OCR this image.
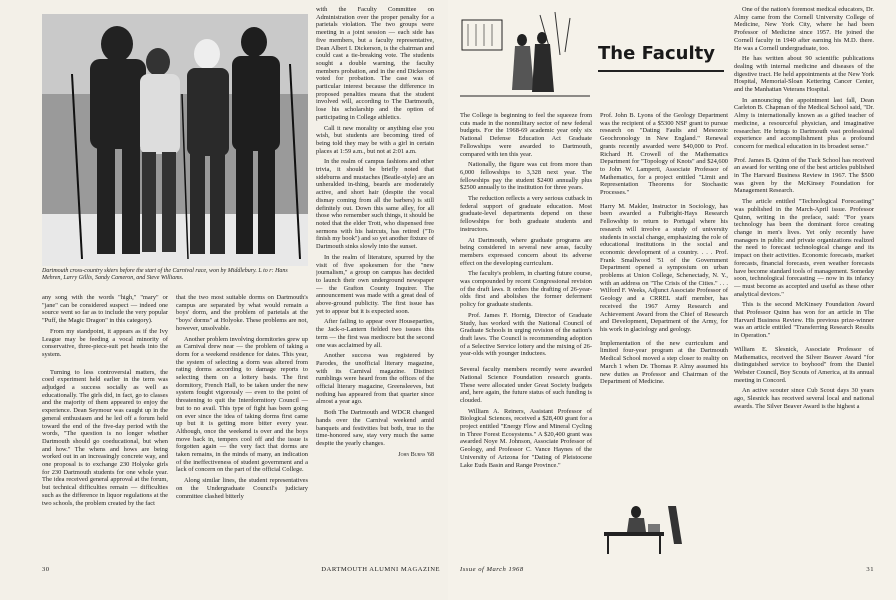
Dartmouth cross-country skiers before the start of the Carnival race, won by Middlebury. L to r: Hans Mehren, Larry Gillis, Sandy Cameron, and Steve Williams.

any song with the words "high," "mary" or "jane" can be considered suspect — indeed one source went so far as to include the very popular "Puff, the Magic Dragon" in this category).

From my standpoint, it appears as if the Ivy League may be feeding a vocal minority of conservative, three-piece-suit pet heads into the system.

Turning to less controversial matters, the coed experiment held earlier in the term was adjudged a success socially as well as educationally. The girls did, in fact, go to classes and the majority of them appeared to enjoy the experience. Dean Seymour was caught up in the general enthusiasm and he led off a forum held toward the end of the five-day period with the words, "The question is no longer whether Dartmouth should go coeducational, but when and how." The whens and hows are being worked out in an increasingly concrete way, and one proposal is to exchange 230 Holyoke girls for 230 Dartmouth students for one whole year. The idea received general approval at the forum, but technical difficulties remain — difficulties such as the difference in liquor regulations at the two schools, the problem created by the fact

that the two most suitable dorms on Dartmouth's campus are separated by what would remain a boys' dorm, and the problem of parietals at the "boys' dorms" at Holyoke. These problems are not, however, unsolvable.

Another problem involving dormitories grew up as Carnival drew near — the problem of taking a dorm for a weekend residence for dates. This year, the system of selecting a dorm was altered from rating dorms according to damage reports to selecting them on a lottery basis. The first dormitory, French Hall, to be taken under the new system fought vigorously — even to the point of threatening to quit the Interdormitory Council — but to no avail. This type of fight has been going on ever since the idea of taking dorms first came up but it is getting more bitter every year. Although, once the weekend is over and the boys move back in, tempers cool off and the issue is forgotten again — the very fact that dorms are taken remains, in the minds of many, an indication of the ineffectiveness of student government and a lack of concern on the part of the official College.

Along similar lines, the student representatives on the Undergraduate Council's judiciary committee clashed bitterly

with the Faculty Committee on Administration over the proper penalty for a parietals violation. The two groups were meeting in a joint session — each side has five members, but a faculty representative, Dean Albert I. Dickerson, is the chairman and could cast a tie-breaking vote. The students sought a double warning, the faculty members probation, and in the end Dickerson voted for probation. The case was of particular interest because the difference in proposed penalties means that the student involved will, according to The Dartmouth, lose his scholarship and the option of participating in College athletics.

Call it new morality or anything else you wish, but students are becoming tired of being told they may be with a girl in certain places at 1:59 a.m., but not at 2:01 a.m.

In the realm of campus fashions and other trivia, it should be briefly noted that sideburns and mustaches (Beatle-style) are an unheralded in-thing, beards are moderately active, and short hair (despite the vocal dismay coming from all the barbers) is still definitely out. Down this same alley, for all those who remember such things, it should be noted that the elder Trott, who dispensed free sermons with his haircuts, has retired ("To finish my book") and so yet another fixture of Dartmouth sinks slowly into the sunset.

In the realm of literature, spurred by the visit of five spokesmen for the "new journalism," a group on campus has decided to launch their own underground newspaper — the Grafton County Inquirer. The announcement was made with a great deal of above-ground publicity. The first issue has yet to appear but it is expected soon.

After failing to appear over Houseparties, the Jack-o-Lantern fielded two issues this term — the first was mediocre but the second one was acclaimed by all.

Another success was registered by Parodes, the unofficial literary magazine, with its Carnival magazine. Distinct rumblings were heard from the offices of the official literary magazine, Greensleeves, but nothing has appeared from that quarter since almost a year ago.

Both The Dartmouth and WDCR changed hands over the Carnival weekend amid banquets and festivities but both, true to the time-honored saw, stay very much the same despite the yearly changes.

John Burns '68
30	DARTMOUTH ALUMNI MAGAZINE
The Faculty

The College is beginning to feel the squeeze from cuts made in the nonmilitary sector of new federal budgets. For the 1968-69 academic year only six National Defense Education Act Graduate Fellowships were awarded to Dartmouth, compared with ten this year.

Nationally, the figure was cut from more than 6,000 fellowships to 3,328 next year. The fellowships pay the student $2400 annually plus $2500 annually to the institution for three years.

The reduction reflects a very serious cutback in federal support of graduate education. Most graduate-level departments depend on these fellowships for both graduate students and instructors.

At Dartmouth, where graduate programs are being considered in several new areas, faculty members expressed concern about its adverse effect on the developing curriculum.

The faculty's problem, in charting future course, was compounded by recent Congressional revision of the draft laws. It orders the drafting of 26-year-olds first and abolishes the former deferment policy for graduate students.

Prof. James F. Hornig, Director of Graduate Study, has worked with the National Council of Graduate Schools in urging revision of the nation's draft laws. The Council is recommending adoption of a Selective Service lottery and the mixing of 26-year-olds with younger inductees.

Several faculty members recently were awarded National Science Foundation research grants. These were allocated under Great Society budgets and, here again, the future status of such funding is clouded.

William A. Reiners, Assistant Professor of Biological Sciences, received a $28,400 grant for a project entitled "Energy Flow and Mineral Cycling in Three Forest Ecosystems." A $20,400 grant was awarded Noye M. Johnson, Associate Professor of Geology, and Professor C. Vance Haynes of the University of Arizona for "Dating of Pleistocene Lake Euds Basin and Range Province."

Prof. John B. Lyons of the Geology Department was the recipient of a $5300 NSF grant to pursue research on "Dating Faults and Mesozoic Geochronology in New England." Renewal grants recently awarded were $40,000 to Prof. Richard H. Crowell of the Mathematics Department for "Topology of Knots" and $24,600 to John W. Lamperti, Associate Professor of Mathematics, for a project entitled "Limit and Representation Theorems for Stochastic Processes."

Harry M. Makler, Instructor in Sociology, has been awarded a Fulbright-Hays Research Fellowship to return to Portugal where his research will involve a study of university students in social change, emphasizing the role of educational institutions in the social and economic development of a country. . . . Prof. Frank Smallwood '51 of the Government Department opened a symposium on urban problems at Union College, Schenectady, N. Y., with an address on "The Crisis of the Cities." . . . Wilford F. Weeks, Adjunct Associate Professor of Geology and a CRREL staff member, has received the 1967 Army Research and Achievement Award from the Chief of Research and Development, Department of the Army, for his work in glaciology and geology.

Implementation of the new curriculum and limited four-year program at the Dartmouth Medical School moved a step closer to reality on March 1 when Dr. Thomas P. Almy assumed his new duties as Professor and Chairman of the Department of Medicine.

One of the nation's foremost medical educators, Dr. Almy came from the Cornell University College of Medicine, New York City, where he had been Professor of Medicine since 1957. He joined the Cornell faculty in 1940 after earning his M.D. there. He was a Cornell undergraduate, too.

He has written about 90 scientific publications dealing with internal medicine and diseases of the digestive tract. He held appointments at the New York Hospital, Memorial-Sloan Kettering Cancer Center, and the Manhattan Veterans Hospital.

In announcing the appointment last fall, Dean Carleton B. Chapman of the Medical School said, "Dr. Almy is internationally known as a gifted teacher of medicine, a resourceful physician, and imaginative researcher. He brings to Dartmouth vast professional experience and accomplishment plus a profound concern for medical education in its broadest sense."

Prof. James B. Quinn of the Tuck School has received an award for writing one of the best articles published in The Harvard Business Review in 1967. The $500 was given by the McKinsey Foundation for Management Research.

The article entitled "Technological Forecasting" was published in the March-April issue. Professor Quinn, writing in the preface, said: "For years technology has been the dominant force creating change in men's lives. Yet only recently have managers in public and private organizations realized the need to forecast technological change and its impact on their activities. Economic forecasts, market forecasts, financial forecasts, even weather forecasts have become standard tools of management. Someday soon, technological forecasting — now in its infancy — must become as accepted and useful as these other analytical devices."

This is the second McKinsey Foundation Award that Professor Quinn has won for an article in The Harvard Business Review. His previous prize-winner was an article entitled "Transferring Research Results in Operation."

William E. Slesnick, Associate Professor of Mathematics, received the Silver Beaver Award "for distinguished service to boyhood" from the Daniel Webster Council, Boy Scouts of America, at its annual meeting in Concord.

An active scouter since Cub Scout days 30 years ago, Slesnick has received several local and national awards. The Silver Beaver Award is the highest a

Issue of March 1968	31
